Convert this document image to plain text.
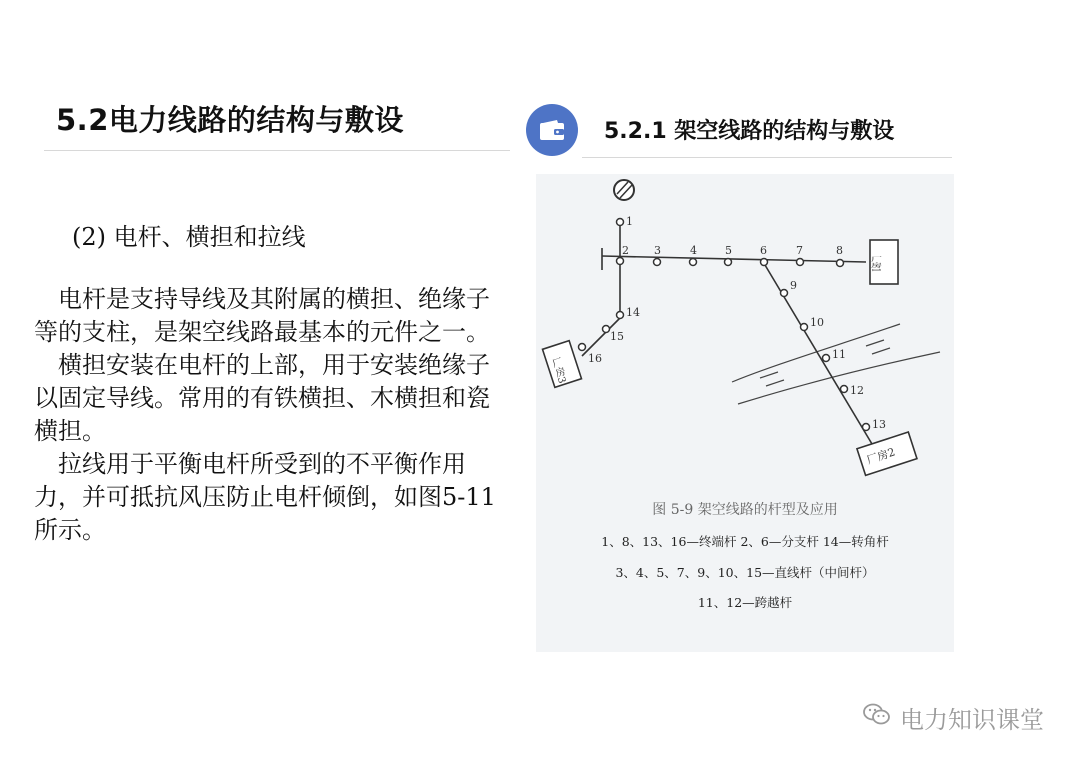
5.2电力线路的结构与敷设	5.2.1 架空线路的结构与敷设
(2) 电杆、横担和拉线

电杆是支持导线及其附属的横担、绝缘子等的支柱，是架空线路最基本的元件之一。

横担安装在电杆的上部，用于安装绝缘子以固定导线。常用的有铁横担、木横担和瓷横担。

拉线用于平衡电杆所受到的不平衡作用力，并可抵抗风压防止电杆倾倒，如图5-11 所示。

1
2 3	4	5	6	7	8
9
10
11
12
13
14
15
16
厂房1
厂房3
厂房2
图 5-9 架空线路的杆型及应用
1、8、13、16—终端杆 2、6—分支杆 14—转角杆
3、4、5、7、9、10、15—直线杆（中间杆）
11、12—跨越杆
电力知识课堂
